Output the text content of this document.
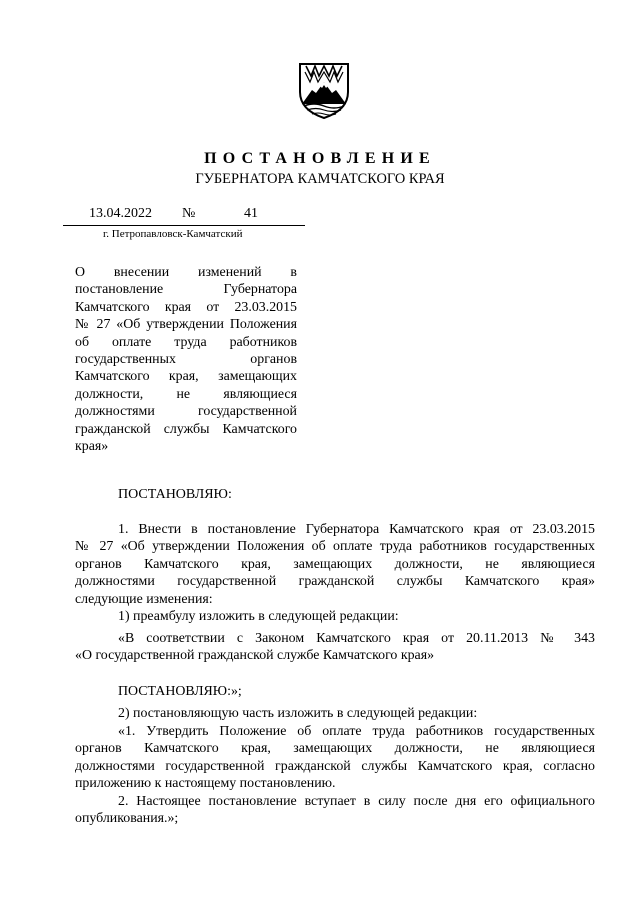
ПОСТАНОВЛЕНИЕ
ГУБЕРНАТОРА КАМЧАТСКОГО КРАЯ
13.04.2022 №	41
г. Петропавловск-Камчатский
О внесении изменений в
постановление Губернатора
Камчатского края от 23.03.2015
№ 27 «Об утверждении Положения
об оплате труда работников
государственных органов
Камчатского края, замещающих
должности, не являющиеся
должностями государственной
гражданской службы Камчатского
края»
ПОСТАНОВЛЯЮ:
1. Внести в постановление Губернатора Камчатского края от 23.03.2015
№ 27 «Об утверждении Положения об оплате труда работников государственных
органов Камчатского края, замещающих должности, не являющиеся
должностями государственной гражданской службы Камчатского края»
следующие изменения:
1) преамбулу изложить в следующей редакции:
«В соответствии с Законом Камчатского края от 20.11.2013 № 343
«О государственной гражданской службе Камчатского края»
ПОСТАНОВЛЯЮ:»;
2) постановляющую часть изложить в следующей редакции:
«1. Утвердить Положение об оплате труда работников государственных
органов Камчатского края, замещающих должности, не являющиеся
должностями государственной гражданской службы Камчатского края, согласно
приложению к настоящему постановлению.
2. Настоящее постановление вступает в силу после дня его официального
опубликования.»;
